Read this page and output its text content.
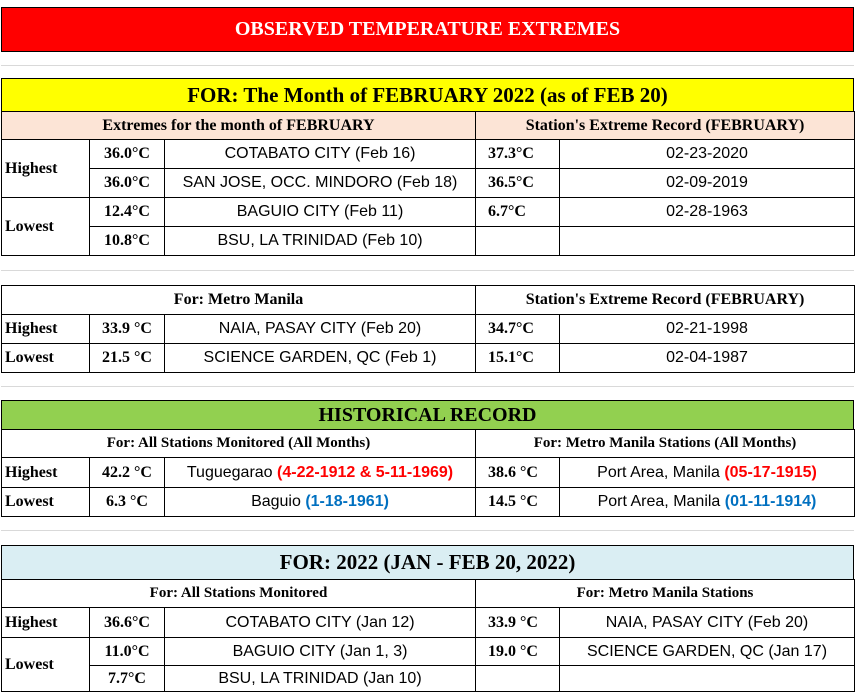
OBSERVED TEMPERATURE EXTREMES
FOR: The Month of FEBRUARY 2022 (as of FEB 20)
Extremes for the month of FEBRUARY			Station's Extreme Record (FEBRUARY)	
Highest	36.0°C	COTABATO CITY (Feb 16)	37.3°C	02-23-2020
	36.0°C	SAN JOSE, OCC. MINDORO (Feb 18)	36.5°C	02-09-2019
Lowest	12.4°C	BAGUIO CITY (Feb 11)	6.7°C	02-28-1963
	10.8°C	BSU, LA TRINIDAD (Feb 10)		
For: Metro Manila			Station's Extreme Record (FEBRUARY)	
Highest	33.9 °C	NAIA, PASAY CITY (Feb 20)	34.7°C	02-21-1998
Lowest	21.5 °C	SCIENCE GARDEN, QC (Feb 1)	15.1°C	02-04-1987
HISTORICAL RECORD
For: All Stations Monitored (All Months)			For: Metro Manila Stations (All Months)	
Highest	42.2 °C	Tuguegarao (4-22-1912 & 5-11-1969)	38.6 °C	Port Area, Manila (05-17-1915)
Lowest	6.3 °C	Baguio (1-18-1961)	14.5 °C	Port Area, Manila (01-11-1914)
FOR: 2022 (JAN - FEB 20, 2022)
For: All Stations Monitored			For: Metro Manila Stations	
Highest	36.6°C	COTABATO CITY (Jan 12)	33.9 °C	NAIA, PASAY CITY (Feb 20)
Lowest	11.0°C	BAGUIO CITY (Jan 1, 3)	19.0 °C	SCIENCE GARDEN, QC (Jan 17)
	7.7°C	BSU, LA TRINIDAD (Jan 10)		
